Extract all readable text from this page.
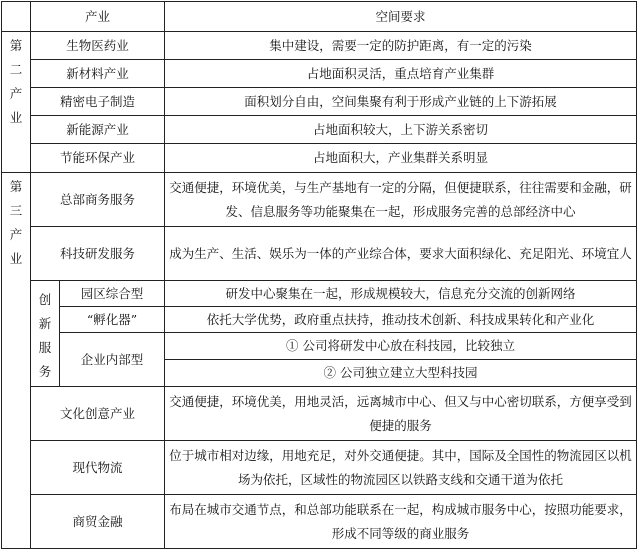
	产业		空间要求

第
二
产
业	生物医药业		集中建设，需要一定的防护距离，有一定的污染
	新材料产业		占地面积灵活，重点培育产业集群
	精密电子制造		面积划分自由，空间集聚有利于形成产业链的上下游拓展
	新能源产业		占地面积较大，上下游关系密切
	节能环保产业		占地面积大，产业集群关系明显

第
三
产
业	总部商务服务		交通便捷，环境优美，与生产基地有一定的分隔，但便捷联系，往往需要和金融，研发、信息服务等功能聚集在一起，形成服务完善的总部经济中心
	科技研发服务		成为生产、生活、娱乐为一体的产业综合体，要求大面积绿化、充足阳光、环境宜人

	创
新
服
务	园区综合型	研发中心聚集在一起，形成规模较大，信息充分交流的创新网络
		“孵化器”	依托大学优势，政府重点扶持，推动技术创新、科技成果转化和产业化
		企业内部型	① 公司将研发中心放在科技园，比较独立
			② 公司独立建立大型科技园
	文化创意产业		交通便捷，环境优美，用地灵活，远离城市中心、但又与中心密切联系，方便享受到便捷的服务
	现代物流		位于城市相对边缘，用地充足，对外交通便捷。其中，国际及全国性的物流园区以机场为依托，区域性的物流园区以铁路支线和交通干道为依托
	商贸金融		布局在城市交通节点，和总部功能联系在一起，构成城市服务中心，按照功能要求，形成不同等级的商业服务
